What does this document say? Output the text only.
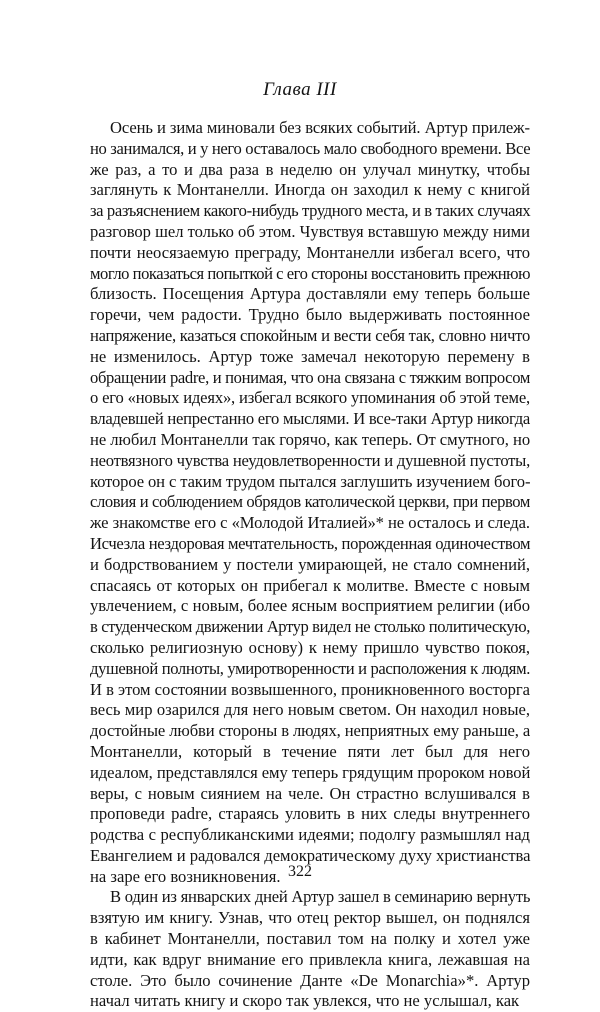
Глава III
Осень и зима миновали без всяких событий. Артур прилеж-
но занимался, и у него оставалось мало свободного времени. Все
же раз, а то и два раза в неделю он улучал минутку, чтобы
заглянуть к Монтанелли. Иногда он заходил к нему с книгой
за разъяснением какого-нибудь трудного места, и в таких случаях
разговор шел только об этом. Чувствуя вставшую между ними
почти неосязаемую преграду, Монтанелли избегал всего, что
могло показаться попыткой с его стороны восстановить прежнюю
близость. Посещения Артура доставляли ему теперь больше
горечи, чем радости. Трудно было выдерживать постоянное
напряжение, казаться спокойным и вести себя так, словно ничто
не изменилось. Артур тоже замечал некоторую перемену в
обращении padre, и понимая, что она связана с тяжким вопросом
о его «новых идеях», избегал всякого упоминания об этой теме,
владевшей непрестанно его мыслями. И все-таки Артур никогда
не любил Монтанелли так горячо, как теперь. От смутного, но
неотвязного чувства неудовлетворенности и душевной пустоты,
которое он с таким трудом пытался заглушить изучением бого-
словия и соблюдением обрядов католической церкви, при первом
же знакомстве его с «Молодой Италией»* не осталось и следа.
Исчезла нездоровая мечтательность, порожденная одиночеством
и бодрствованием у постели умирающей, не стало сомнений,
спасаясь от которых он прибегал к молитве. Вместе с новым
увлечением, с новым, более ясным восприятием религии (ибо
в студенческом движении Артур видел не столько политическую,
сколько религиозную основу) к нему пришло чувство покоя,
душевной полноты, умиротворенности и расположения к людям.
И в этом состоянии возвышенного, проникновенного восторга
весь мир озарился для него новым светом. Он находил новые,
достойные любви стороны в людях, неприятных ему раньше, а
Монтанелли, который в течение пяти лет был для него
идеалом, представлялся ему теперь грядущим пророком новой
веры, с новым сиянием на челе. Он страстно вслушивался в
проповеди padre, стараясь уловить в них следы внутреннего
родства с республиканскими идеями; подолгу размышлял над
Евангелием и радовался демократическому духу христианства
на заре его возникновения.
В один из январских дней Артур зашел в семинарию вернуть
взятую им книгу. Узнав, что отец ректор вышел, он поднялся
в кабинет Монтанелли, поставил том на полку и хотел уже
идти, как вдруг внимание его привлекла книга, лежавшая на
столе. Это было сочинение Данте «De Monarchia»*. Артур
начал читать книгу и скоро так увлекся, что не услышал, как
322
